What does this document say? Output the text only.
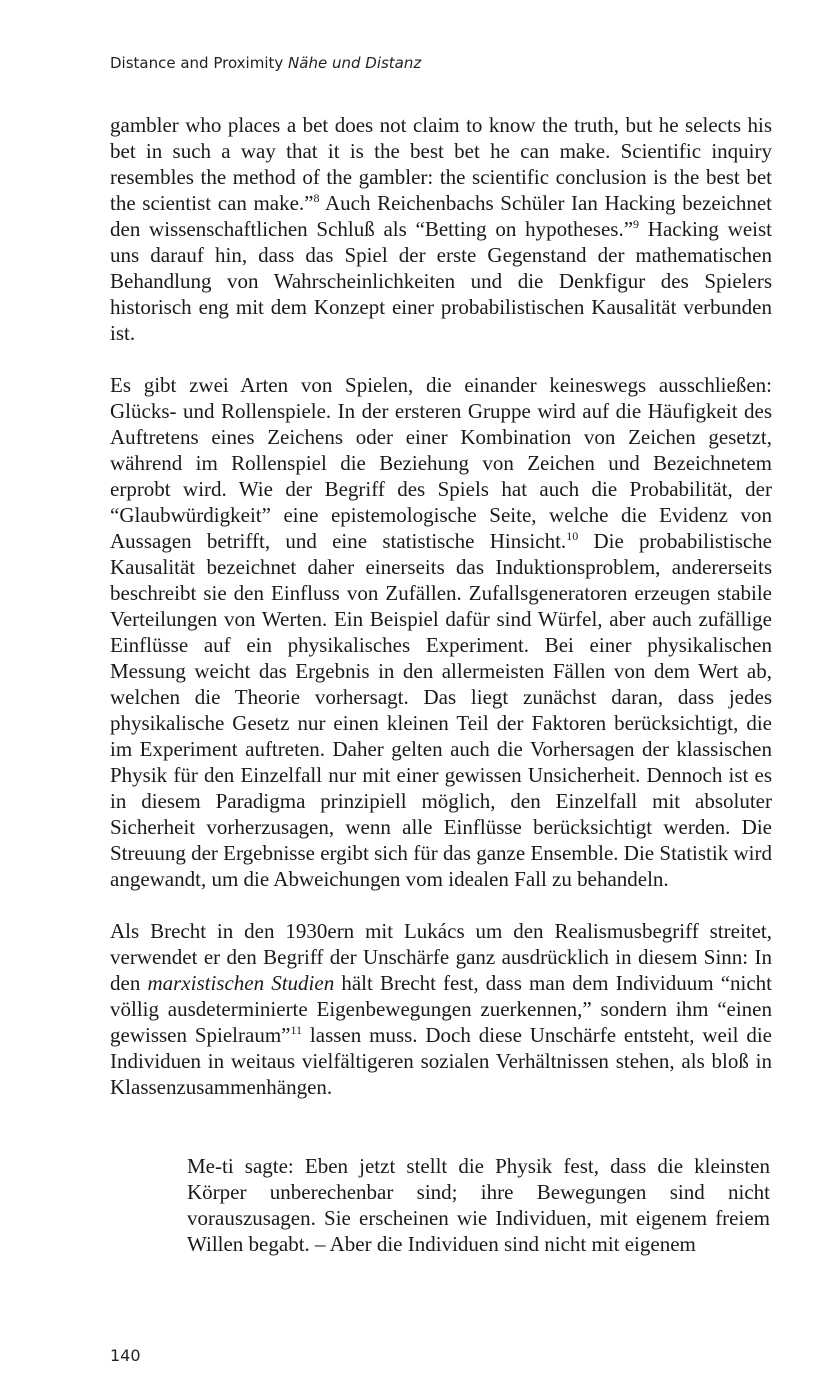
Distance and Proximity Nähe und Distanz

gambler who places a bet does not claim to know the truth, but he selects his bet in such a way that it is the best bet he can make. Scientific inquiry resembles the method of the gambler: the scientific conclusion is the best bet the scientist can make.”$^8$ Auch Reichenbachs Schüler Ian Hacking bezeichnet den wissenschaftlichen Schluß als “Betting on hypotheses.”$^9$ Hacking weist uns darauf hin, dass das Spiel der erste Gegenstand der mathematischen Behandlung von Wahrscheinlichkeiten und die Denkfigur des Spielers historisch eng mit dem Konzept einer probabilistischen Kausalität verbunden ist.

Es gibt zwei Arten von Spielen, die einander keineswegs ausschließen: Glücks- und Rollenspiele. In der ersteren Gruppe wird auf die Häufigkeit des Auftretens eines Zeichens oder einer Kombination von Zeichen gesetzt, während im Rollenspiel die Beziehung von Zeichen und Bezeichnetem erprobt wird. Wie der Begriff des Spiels hat auch die Probabilität, der “Glaubwürdigkeit” eine epistemologische Seite, welche die Evidenz von Aussagen betrifft, und eine statistische Hinsicht.$^{10}$ Die probabilistische Kausalität bezeichnet daher einerseits das Induktionsproblem, andererseits beschreibt sie den Einfluss von Zufällen. Zufallsgeneratoren erzeugen stabile Verteilungen von Werten. Ein Beispiel dafür sind Würfel, aber auch zufällige Einflüsse auf ein physikalisches Experiment. Bei einer physikalischen Messung weicht das Ergebnis in den allermeisten Fällen von dem Wert ab, welchen die Theorie vorhersagt. Das liegt zunächst daran, dass jedes physikalische Gesetz nur einen kleinen Teil der Faktoren berücksichtigt, die im Experiment auftreten. Daher gelten auch die Vorhersagen der klassischen Physik für den Einzelfall nur mit einer gewissen Unsicherheit. Dennoch ist es in diesem Paradigma prinzipiell möglich, den Einzelfall mit absoluter Sicherheit vorherzusagen, wenn alle Einflüsse berücksichtigt werden. Die Streuung der Ergebnisse ergibt sich für das ganze Ensemble. Die Statistik wird angewandt, um die Abweichungen vom idealen Fall zu behandeln.

Als Brecht in den 1930ern mit Lukács um den Realismusbegriff streitet, verwendet er den Begriff der Unschärfe ganz ausdrücklich in diesem Sinn: In den marxistischen Studien hält Brecht fest, dass man dem Individuum “nicht völlig ausdeterminierte Eigenbewegungen zuerkennen,” sondern ihm “einen gewissen Spielraum”$^{11}$ lassen muss. Doch diese Unschärfe entsteht, weil die Individuen in weitaus vielfältigeren sozialen Verhältnissen stehen, als bloß in Klassenzusammenhängen.

Me-ti sagte: Eben jetzt stellt die Physik fest, dass die kleinsten Körper unberechenbar sind; ihre Bewegungen sind nicht vorauszusagen. Sie erscheinen wie Individuen, mit eigenem freiem Willen begabt. – Aber die Individuen sind nicht mit eigenem

140
